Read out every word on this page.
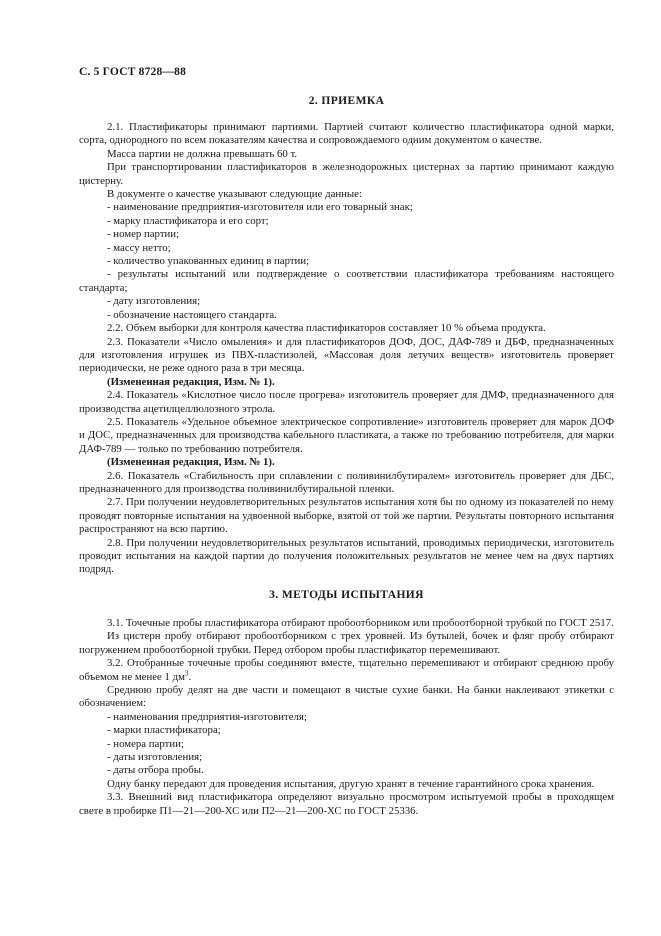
С. 5 ГОСТ 8728—88
2. ПРИЕМКА

2.1. Пластификаторы принимают партиями. Партией считают количество пластификатора одной марки, сорта, однородного по всем показателям качества и сопровождаемого одним документом о качестве.

Масса партии не должна превышать 60 т.

При транспортировании пластификаторов в железнодорожных цистернах за партию принимают каждую цистерну.

В документе о качестве указывают следующие данные:

- наименование предприятия-изготовителя или его товарный знак;

- марку пластификатора и его сорт;

- номер партии;

- массу нетто;

- количество упакованных единиц в партии;

- результаты испытаний или подтверждение о соответствии пластификатора требованиям настоящего стандарта;

- дату изготовления;

- обозначение настоящего стандарта.

2.2. Объем выборки для контроля качества пластификаторов составляет 10 % объема продукта.

2.3. Показатели «Число омыления» и для пластификаторов ДОФ, ДОС, ДАФ-789 и ДБФ, предназначенных для изготовления игрушек из ПВХ-пластизолей, «Массовая доля летучих веществ» изготовитель проверяет периодически, не реже одного раза в три месяца.

(Измененная редакция, Изм. № 1).

2.4. Показатель «Кислотное число после прогрева» изготовитель проверяет для ДМФ, предназначенного для производства ацетилцеллюлозного этрола.

2.5. Показатель «Удельное объемное электрическое сопротивление» изготовитель проверяет для марок ДОФ и ДОС, предназначенных для производства кабельного пластиката, а также по требованию потребителя, для марки ДАФ-789 — только по требованию потребителя.

(Измененная редакция, Изм. № 1).

2.6. Показатель «Стабильность при сплавлении с поливинилбутиралем» изготовитель проверяет для ДБС, предназначенного для производства поливинилбутиральной пленки.

2.7. При получении неудовлетворительных результатов испытания хотя бы по одному из показателей по нему проводят повторные испытания на удвоенной выборке, взятой от той же партии. Результаты повторного испытания распространяют на всю партию.

2.8. При получении неудовлетворительных результатов испытаний, проводимых периодически, изготовитель проводит испытания на каждой партии до получения положительных результатов не менее чем на двух партиях подряд.

3. МЕТОДЫ ИСПЫТАНИЯ

3.1. Точечные пробы пластификатора отбирают пробоотборником или пробоотборной трубкой по ГОСТ 2517.

Из цистерн пробу отбирают пробоотборником с трех уровней. Из бутылей, бочек и фляг пробу отбирают погружением пробоотборной трубки. Перед отбором пробы пластификатор перемешивают.

3.2. Отобранные точечные пробы соединяют вместе, тщательно перемешивают и отбирают среднюю пробу объемом не менее 1 $дм^3$.

Среднюю пробу делят на две части и помещают в чистые сухие банки. На банки наклеивают этикетки с обозначением:

- наименования предприятия-изготовителя;

- марки пластификатора;

- номера партии;

- даты изготовления;

- даты отбора пробы.

Одну банку передают для проведения испытания, другую хранят в течение гарантийного срока хранения.

3.3. Внешний вид пластификатора определяют визуально просмотром испытуемой пробы в проходящем свете в пробирке П1—21—200-ХС или П2—21—200-ХС по ГОСТ 25336.
